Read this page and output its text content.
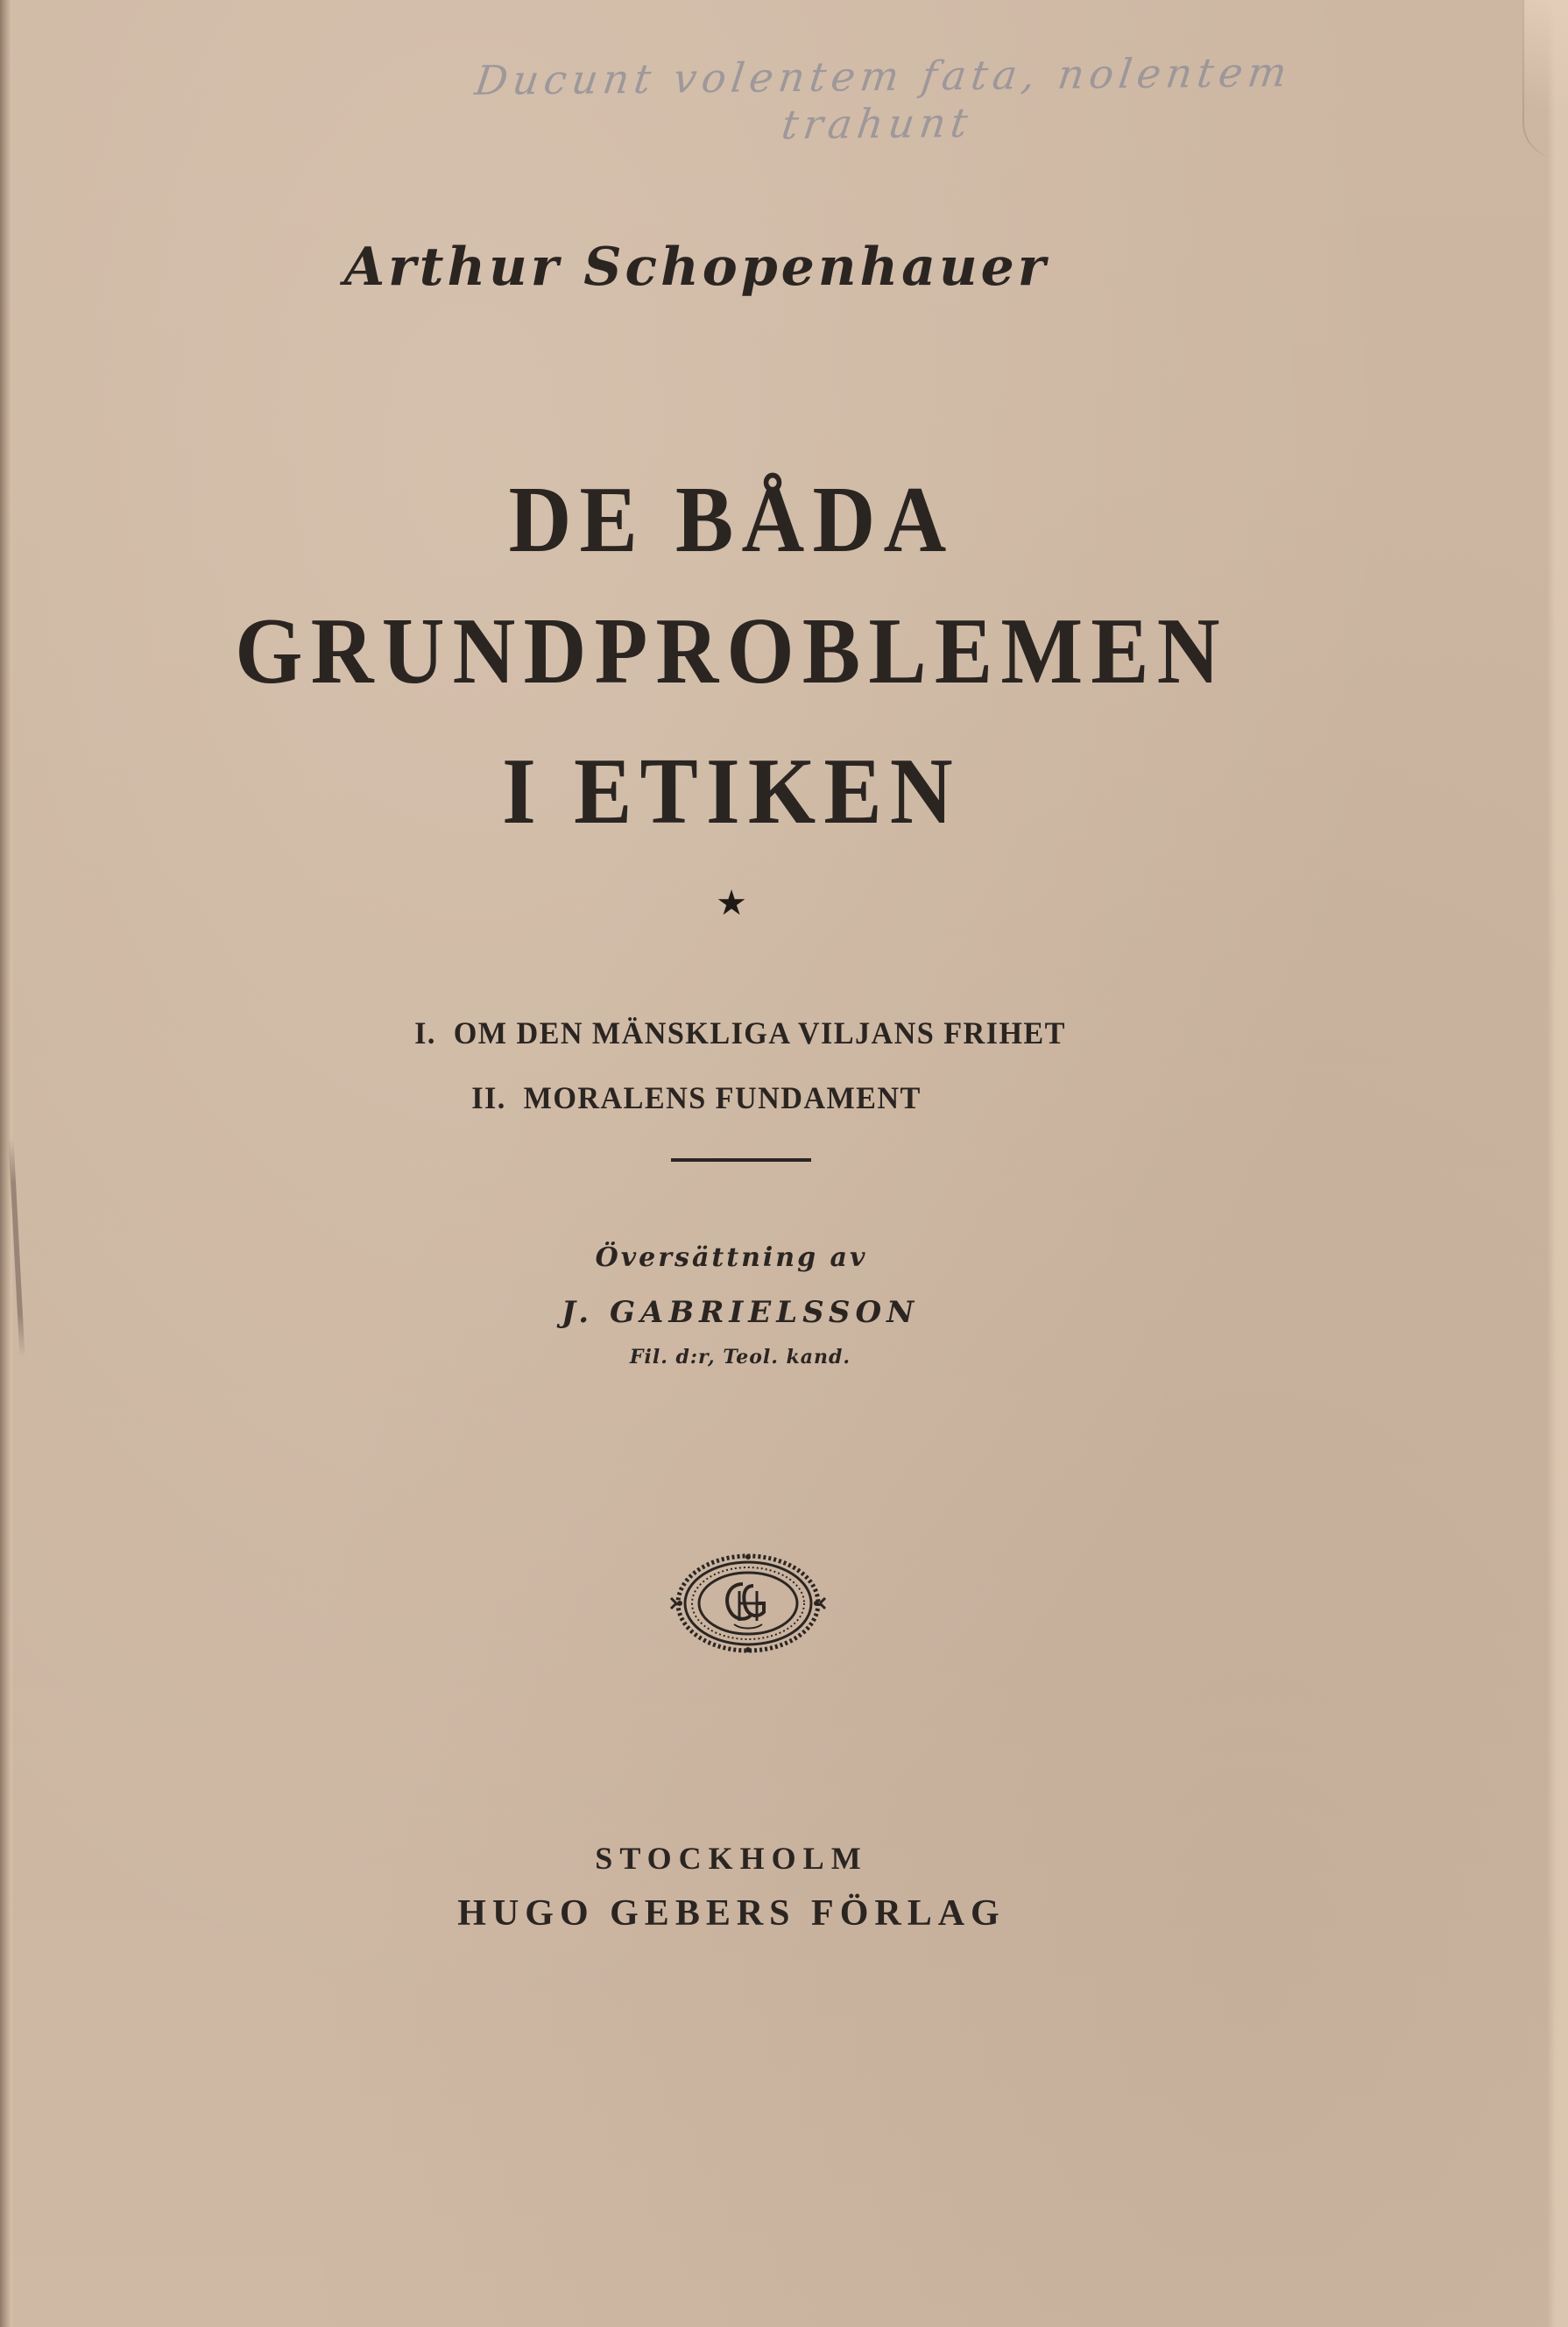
Ducunt volentem fata, nolentem trahunt
Arthur Schopenhauer
DE BÅDA
GRUNDPROBLEMEN
I ETIKEN
★
I.  OM DEN MÄNSKLIGA VILJANS FRIHET
II.  MORALENS FUNDAMENT
Översättning av
J. GABRIELSSON
Fil. d:r, Teol. kand.
STOCKHOLM
HUGO GEBERS FÖRLAG
